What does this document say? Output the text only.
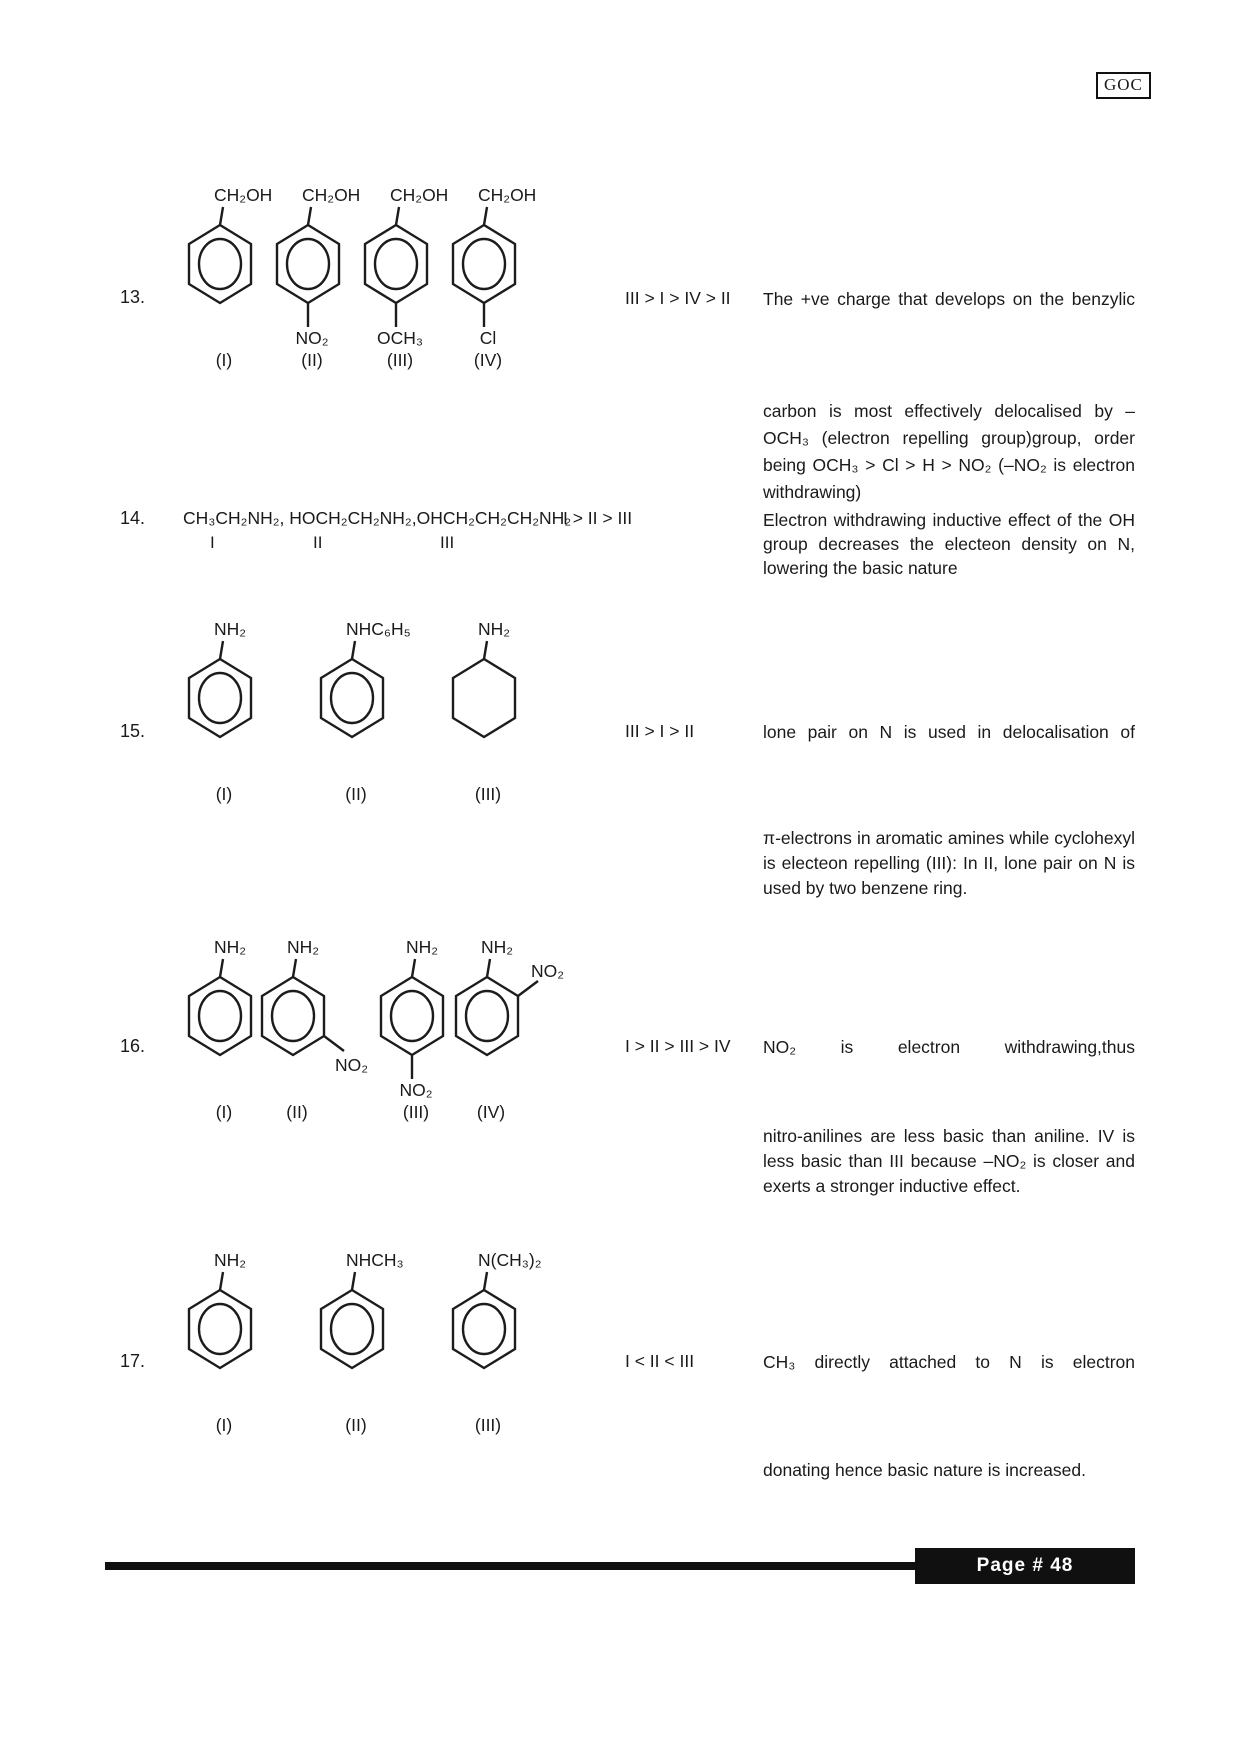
GOC
13.
CH₂OH
(I)
CH₂OH
NO₂
(II)
CH₂OH
OCH₃
(III)
CH₂OH
Cl
(IV)
III > I > IV > II The +ve charge that develops on the benzylic
carbon is most effectively delocalised by –OCH₃ (electron repelling group)group, order being OCH₃ > Cl > H > NO₂ (–NO₂ is electron withdrawing)
14. CH₃CH₂NH₂, HOCH₂CH₂NH₂,OHCH₂CH₂CH₂NH₂
I	II	III
I > II > III	Electron withdrawing inductive effect of the OH group decreases the electeon density on N, lowering the basic nature
15.
NH₂
(I)
NHC₆H₅
(II)
NH₂
(III)
III > I > II	lone pair on N is used in delocalisation of
π-electrons in aromatic amines while cyclohexyl is electeon repelling (III): In II, lone pair on N is used by two benzene ring.
16.
NH₂
(I)
NH₂
NO₂
(II)
NH₂
NO₂
(III)
NH₂
NO₂
(IV)
I > II > III > IV NO₂ is electron withdrawing,thus
nitro-anilines are less basic than aniline. IV is less basic than III because –NO₂ is closer and exerts a stronger inductive effect.
17.
NH₂
(I)
NHCH₃
(II)
N(CH₃)₂
(III)
I < II < III	CH₃ directly attached to N is electron
donating hence basic nature is increased.
Page # 48
